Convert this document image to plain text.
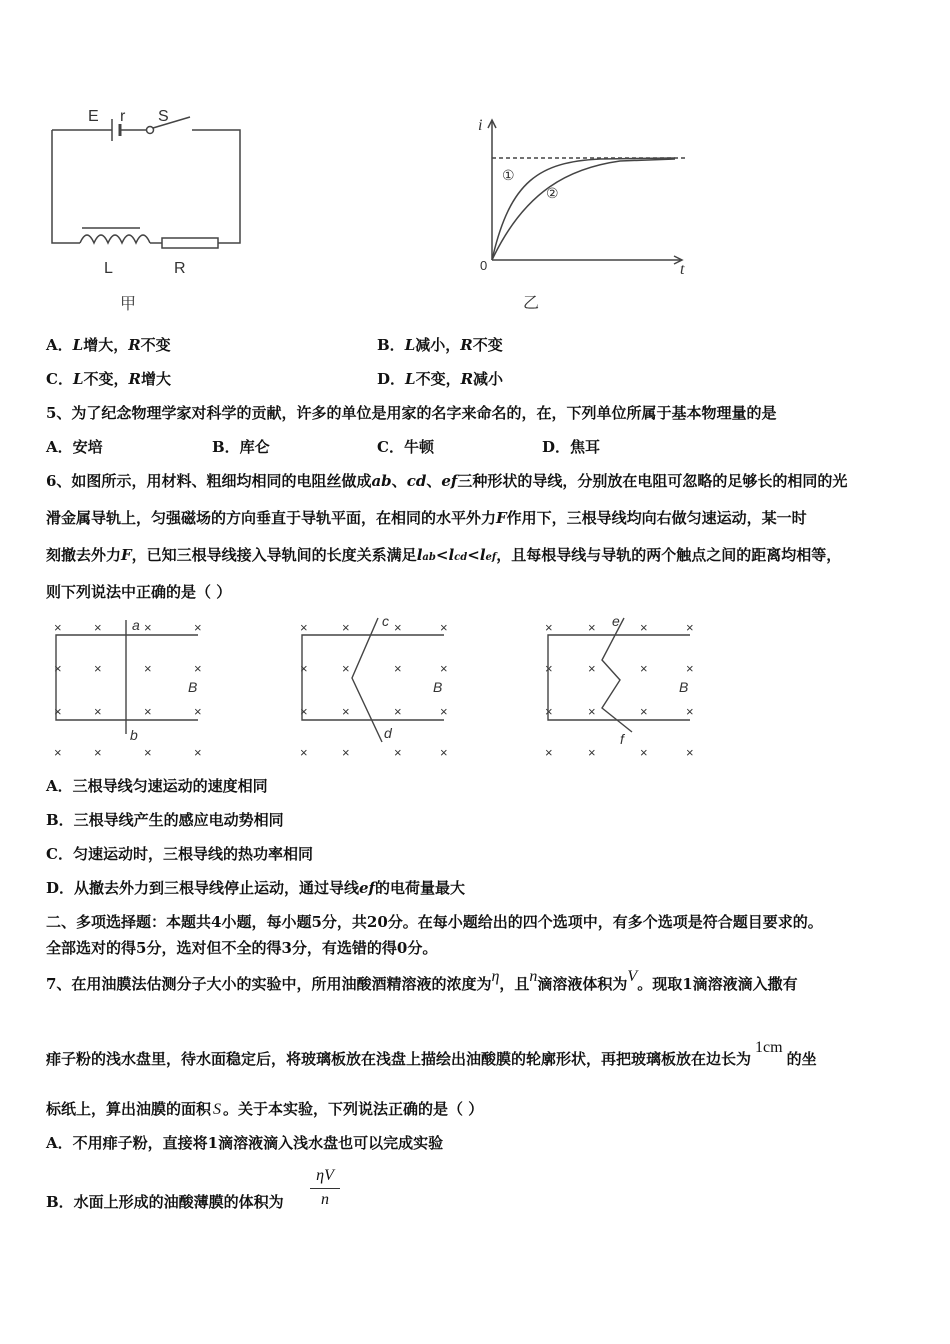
E r S
L	R
甲
i
t
0
①
②
乙
A．L增大，R不变	B．L减小，R不变
C．L不变，R增大	D．L不变，R减小
5、为了纪念物理学家对科学的贡献，许多的单位是用家的名字来命名的，在，下列单位所属于基本物理量的是
A．安培	B．库仑	C．牛顿	D．焦耳
6、如图所示，用材料、粗细均相同的电阻丝做成ab、cd、ef三种形状的导线，分别放在电阻可忽略的足够长的相同的光
滑金属导轨上，匀强磁场的方向垂直于导轨平面，在相同的水平外力F作用下，三根导线均向右做匀速运动，某一时
刻撤去外力F，已知三根导线接入导轨间的长度关系满足lab<lcd<lef，且每根导线与导轨的两个触点之间的距离均相等，
则下列说法中正确的是（ ）
× ×	×	×
× ×	×	×
× ×	×	×
× ×	×	×
×	×	×	×
×	×	×	×
×	×	×	×
×	×	×	×
×	×	×	×
×	×	×	×
×	×	×	×
×	×	×	×
a
b
B
c
d
B
e
f
B
A．三根导线匀速运动的速度相同
B．三根导线产生的感应电动势相同
C．匀速运动时，三根导线的热功率相同
D．从撤去外力到三根导线停止运动，通过导线ef的电荷量最大
二、多项选择题：本题共4小题，每小题5分，共20分。在每小题给出的四个选项中，有多个选项是符合题目要求的。
全部选对的得5分，选对但不全的得3分，有选错的得0分。
7、在用油膜法估测分子大小的实验中，所用油酸酒精溶液的浓度为η，且n滴溶液体积为V。现取1滴溶液滴入撒有
痱子粉的浅水盘里，待水面稳定后，将玻璃板放在浅盘上描绘出油酸膜的轮廓形状，再把玻璃板放在边长为1cm的坐
标纸上，算出油膜的面积 S 。关于本实验，下列说法正确的是（ ）
A．不用痱子粉，直接将1滴溶液滴入浅水盘也可以完成实验
B．水面上形成的油酸薄膜的体积为 $\frac{\eta V}{n}$
